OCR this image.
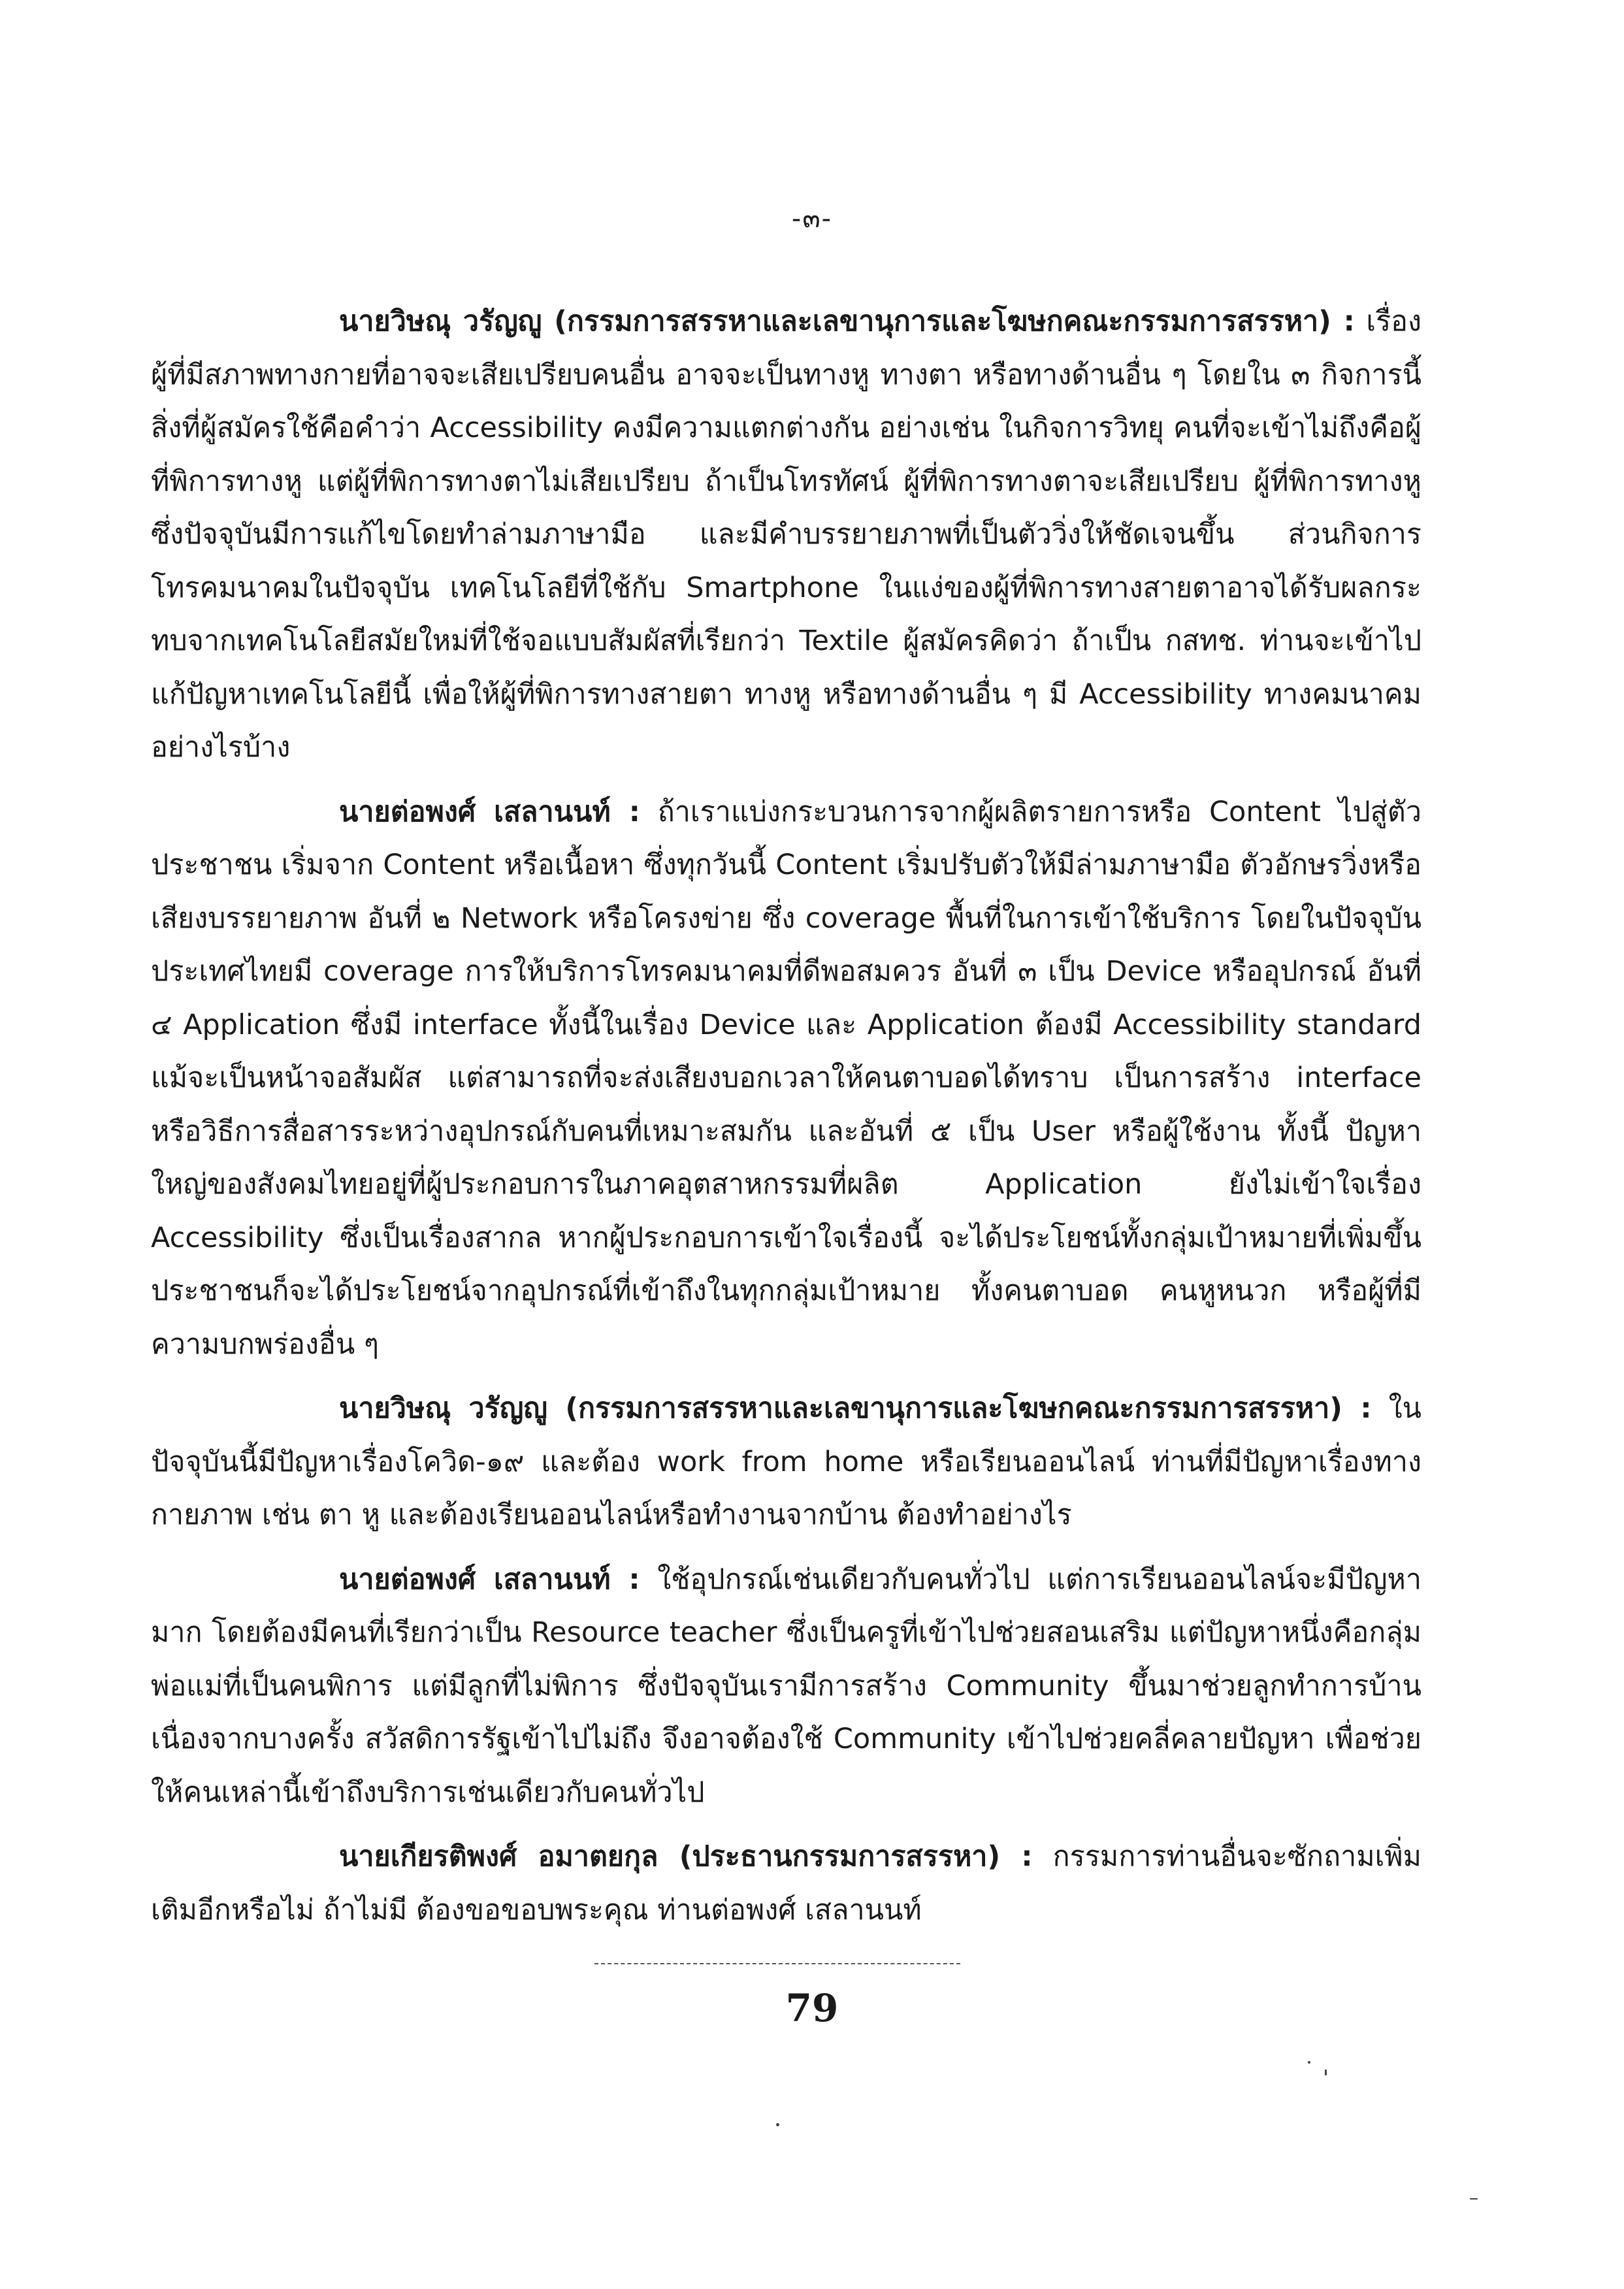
-๓-

นายวิษณุ วรัญญู (กรรมการสรรหาและเลขานุการและโฆษกคณะกรรมการสรรหา) : เรื่องผู้ที่มีสภาพทางกายที่อาจจะเสียเปรียบคนอื่น อาจจะเป็นทางหู ทางตา หรือทางด้านอื่น ๆ โดยใน ๓ กิจการนี้ สิ่งที่ผู้สมัครใช้คือคำว่า Accessibility คงมีความแตกต่างกัน อย่างเช่น ในกิจการวิทยุ คนที่จะเข้าไม่ถึงคือผู้ที่พิการทางหู แต่ผู้ที่พิการทางตาไม่เสียเปรียบ ถ้าเป็นโทรทัศน์ ผู้ที่พิการทางตาจะเสียเปรียบ ผู้ที่พิการทางหู ซึ่งปัจจุบันมีการแก้ไขโดยทำล่ามภาษามือ และมีคำบรรยายภาพที่เป็นตัววิ่งให้ชัดเจนขึ้น ส่วนกิจการโทรคมนาคมในปัจจุบัน เทคโนโลยีที่ใช้กับ Smartphone ในแง่ของผู้ที่พิการทางสายตาอาจได้รับผลกระทบจากเทคโนโลยีสมัยใหม่ที่ใช้จอแบบสัมผัสที่เรียกว่า Textile ผู้สมัครคิดว่า ถ้าเป็น กสทช. ท่านจะเข้าไปแก้ปัญหาเทคโนโลยีนี้ เพื่อให้ผู้ที่พิการทางสายตา ทางหู หรือทางด้านอื่น ๆ มี Accessibility ทางคมนาคมอย่างไรบ้าง

นายต่อพงศ์ เสลานนท์ : ถ้าเราแบ่งกระบวนการจากผู้ผลิตรายการหรือ Content ไปสู่ตัวประชาชน เริ่มจาก Content หรือเนื้อหา ซึ่งทุกวันนี้ Content เริ่มปรับตัวให้มีล่ามภาษามือ ตัวอักษรวิ่งหรือเสียงบรรยายภาพ อันที่ ๒ Network หรือโครงข่าย ซึ่ง coverage พื้นที่ในการเข้าใช้บริการ โดยในปัจจุบัน ประเทศไทยมี coverage การให้บริการโทรคมนาคมที่ดีพอสมควร อันที่ ๓ เป็น Device หรืออุปกรณ์ อันที่ ๔ Application ซึ่งมี interface ทั้งนี้ในเรื่อง Device และ Application ต้องมี Accessibility standard แม้จะเป็นหน้าจอสัมผัส แต่สามารถที่จะส่งเสียงบอกเวลาให้คนตาบอดได้ทราบ เป็นการสร้าง interface หรือวิธีการสื่อสารระหว่างอุปกรณ์กับคนที่เหมาะสมกัน และอันที่ ๕ เป็น User หรือผู้ใช้งาน ทั้งนี้ ปัญหาใหญ่ของสังคมไทยอยู่ที่ผู้ประกอบการในภาคอุตสาหกรรมที่ผลิต Application ยังไม่เข้าใจเรื่อง Accessibility ซึ่งเป็นเรื่องสากล หากผู้ประกอบการเข้าใจเรื่องนี้ จะได้ประโยชน์ทั้งกลุ่มเป้าหมายที่เพิ่มขึ้น ประชาชนก็จะได้ประโยชน์จากอุปกรณ์ที่เข้าถึงในทุกกลุ่มเป้าหมาย ทั้งคนตาบอด คนหูหนวก หรือผู้ที่มีความบกพร่องอื่น ๆ

นายวิษณุ วรัญญู (กรรมการสรรหาและเลขานุการและโฆษกคณะกรรมการสรรหา) : ในปัจจุบันนี้มีปัญหาเรื่องโควิด-๑๙ และต้อง work from home หรือเรียนออนไลน์ ท่านที่มีปัญหาเรื่องทางกายภาพ เช่น ตา หู และต้องเรียนออนไลน์หรือทำงานจากบ้าน ต้องทำอย่างไร

นายต่อพงศ์ เสลานนท์ : ใช้อุปกรณ์เช่นเดียวกับคนทั่วไป แต่การเรียนออนไลน์จะมีปัญหามาก โดยต้องมีคนที่เรียกว่าเป็น Resource teacher ซึ่งเป็นครูที่เข้าไปช่วยสอนเสริม แต่ปัญหาหนึ่งคือกลุ่มพ่อแม่ที่เป็นคนพิการ แต่มีลูกที่ไม่พิการ ซึ่งปัจจุบันเรามีการสร้าง Community ขึ้นมาช่วยลูกทำการบ้าน เนื่องจากบางครั้ง สวัสดิการรัฐเข้าไปไม่ถึง จึงอาจต้องใช้ Community เข้าไปช่วยคลี่คลายปัญหา เพื่อช่วยให้คนเหล่านี้เข้าถึงบริการเช่นเดียวกับคนทั่วไป

นายเกียรติพงศ์ อมาตยกุล (ประธานกรรมการสรรหา) : กรรมการท่านอื่นจะซักถามเพิ่มเติมอีกหรือไม่ ถ้าไม่มี ต้องขอขอบพระคุณ ท่านต่อพงศ์ เสลานนท์

79
